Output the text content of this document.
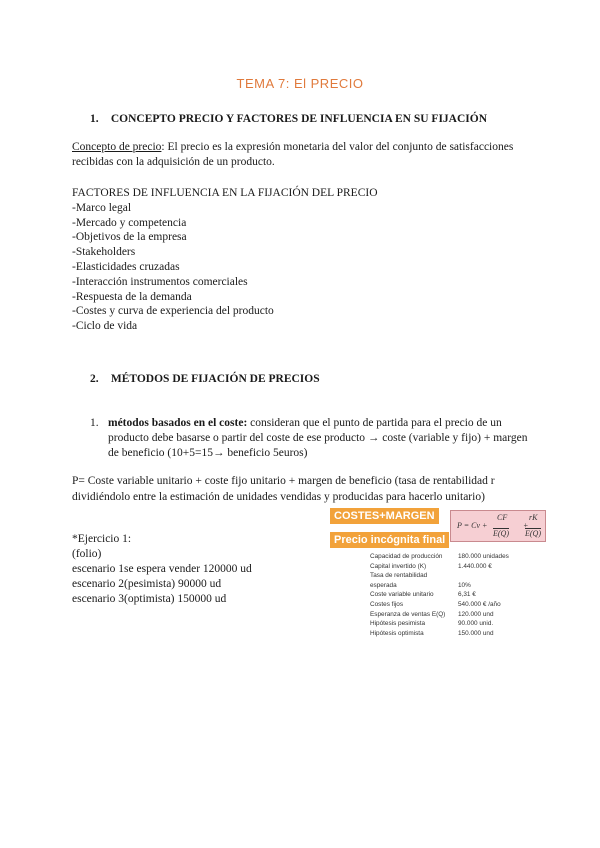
TEMA 7: El PRECIO
1. CONCEPTO PRECIO Y FACTORES DE INFLUENCIA EN SU FIJACIÓN
Concepto de precio: El precio es la expresión monetaria del valor del conjunto de satisfacciones recibidas con la adquisición de un producto.
FACTORES DE INFLUENCIA EN LA FIJACIÓN DEL PRECIO
-Marco legal
-Mercado y competencia
-Objetivos de la empresa
-Stakeholders
-Elasticidades cruzadas
-Interacción instrumentos comerciales
-Respuesta de la demanda
-Costes y curva de experiencia del producto
-Ciclo de vida
2. MÉTODOS DE FIJACIÓN DE PRECIOS
1. métodos basados en el coste: consideran que el punto de partida para el precio de un producto debe basarse o partir del coste de ese producto → coste (variable y fijo) + margen de beneficio (10+5=15→ beneficio 5euros)
P= Coste variable unitario + coste fijo unitario + margen de beneficio (tasa de rentabilidad r dividiéndolo entre la estimación de unidades vendidas y producidas para hacerlo unitario)
*Ejercicio 1:
(folio)
escenario 1se espera vender 120000 ud
escenario 2(pesimista) 90000 ud
escenario 3(optimista) 150000 ud
COSTES+MARGEN
Precio incógnita final
P = Cv +
CF
E(Q)
+
rK
E(Q)
Capacidad de producción	180.000 unidades
Capital invertido (K)	1.440.000 €
Tasa de rentabilidad
esperada	10%
Coste variable unitario	6,31 €
Costes fijos	540.000 € /año
Esperanza de ventas E(Q)	120.000 und
Hipótesis pesimista	90.000 unid.
Hipótesis optimista	150.000 und
